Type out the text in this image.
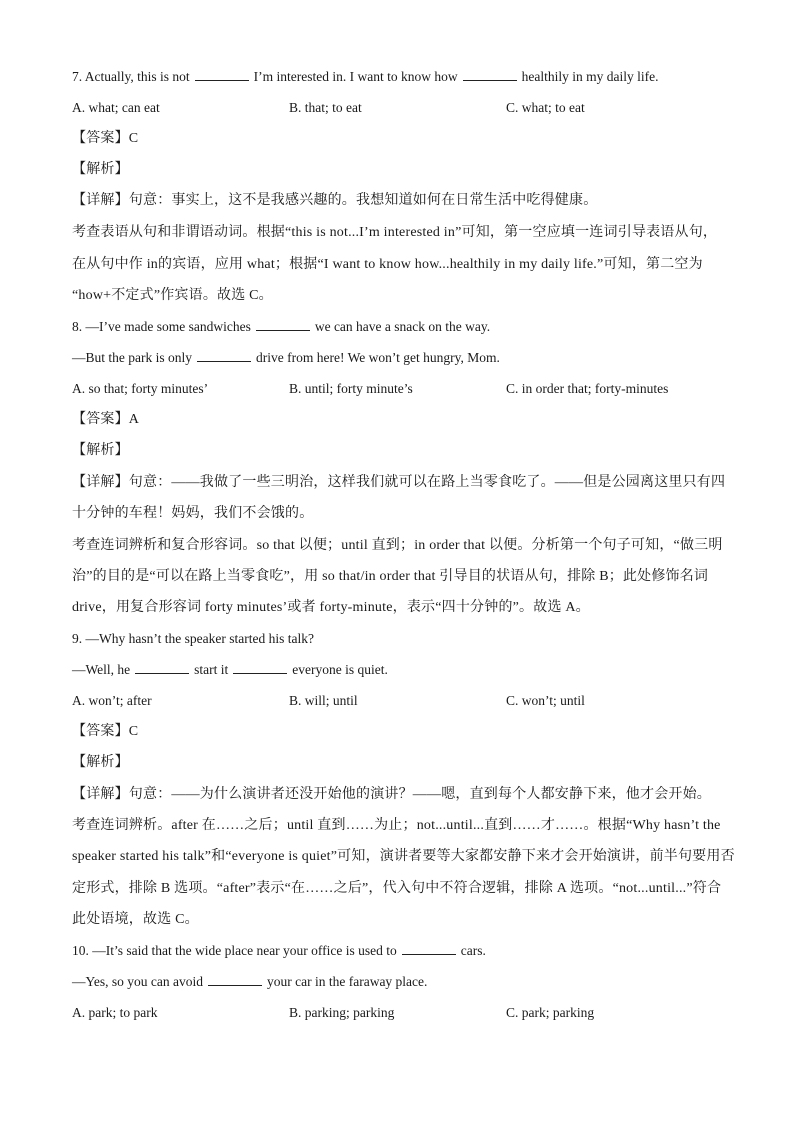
7. Actually, this is not	I’m interested in. I want to know how	healthily in my daily life.
A. what; can eat	B. that; to eat	C. what; to eat
【答案】C
【解析】
【详解】句意：事实上，这不是我感兴趣的。我想知道如何在日常生活中吃得健康。
考查表语从句和非谓语动词。根据“this is not...I’m interested in”可知，第一空应填一连词引导表语从句，
在从句中作 in的宾语，应用 what；根据“I want to know how...healthily in my daily life.”可知，第二空为
“how+不定式”作宾语。故选 C。
8. —I’ve made some sandwiches	we can have a snack on the way.
—But the park is only	drive from here! We won’t get hungry, Mom.
A. so that; forty minutes’	B. until; forty minute’s	C. in order that; forty-minutes
【答案】A
【解析】
【详解】句意：——我做了一些三明治，这样我们就可以在路上当零食吃了。——但是公园离这里只有四
十分钟的车程！妈妈，我们不会饿的。
考查连词辨析和复合形容词。so that 以便；until 直到；in order that 以便。分析第一个句子可知，“做三明
治”的目的是“可以在路上当零食吃”，用 so that/in order that 引导目的状语从句，排除 B；此处修饰名词
drive，用复合形容词 forty minutes’或者 forty-minute，表示“四十分钟的”。故选 A。
9. —Why hasn’t the speaker started his talk?
—Well, he	start it	everyone is quiet.
A. won’t; after	B. will; until	C. won’t; until
【答案】C
【解析】
【详解】句意：——为什么演讲者还没开始他的演讲？——嗯，直到每个人都安静下来，他才会开始。
考查连词辨析。after 在……之后；until 直到……为止；not...until...直到……才……。根据“Why hasn’t the
speaker started his talk”和“everyone is quiet”可知，演讲者要等大家都安静下来才会开始演讲，前半句要用否
定形式，排除 B 选项。“after”表示“在……之后”，代入句中不符合逻辑，排除 A 选项。“not...until...”符合
此处语境，故选 C。
10. —It’s said that the wide place near your office is used to	cars.
—Yes, so you can avoid	your car in the faraway place.
A. park; to park	B. parking; parking	C. park; parking
